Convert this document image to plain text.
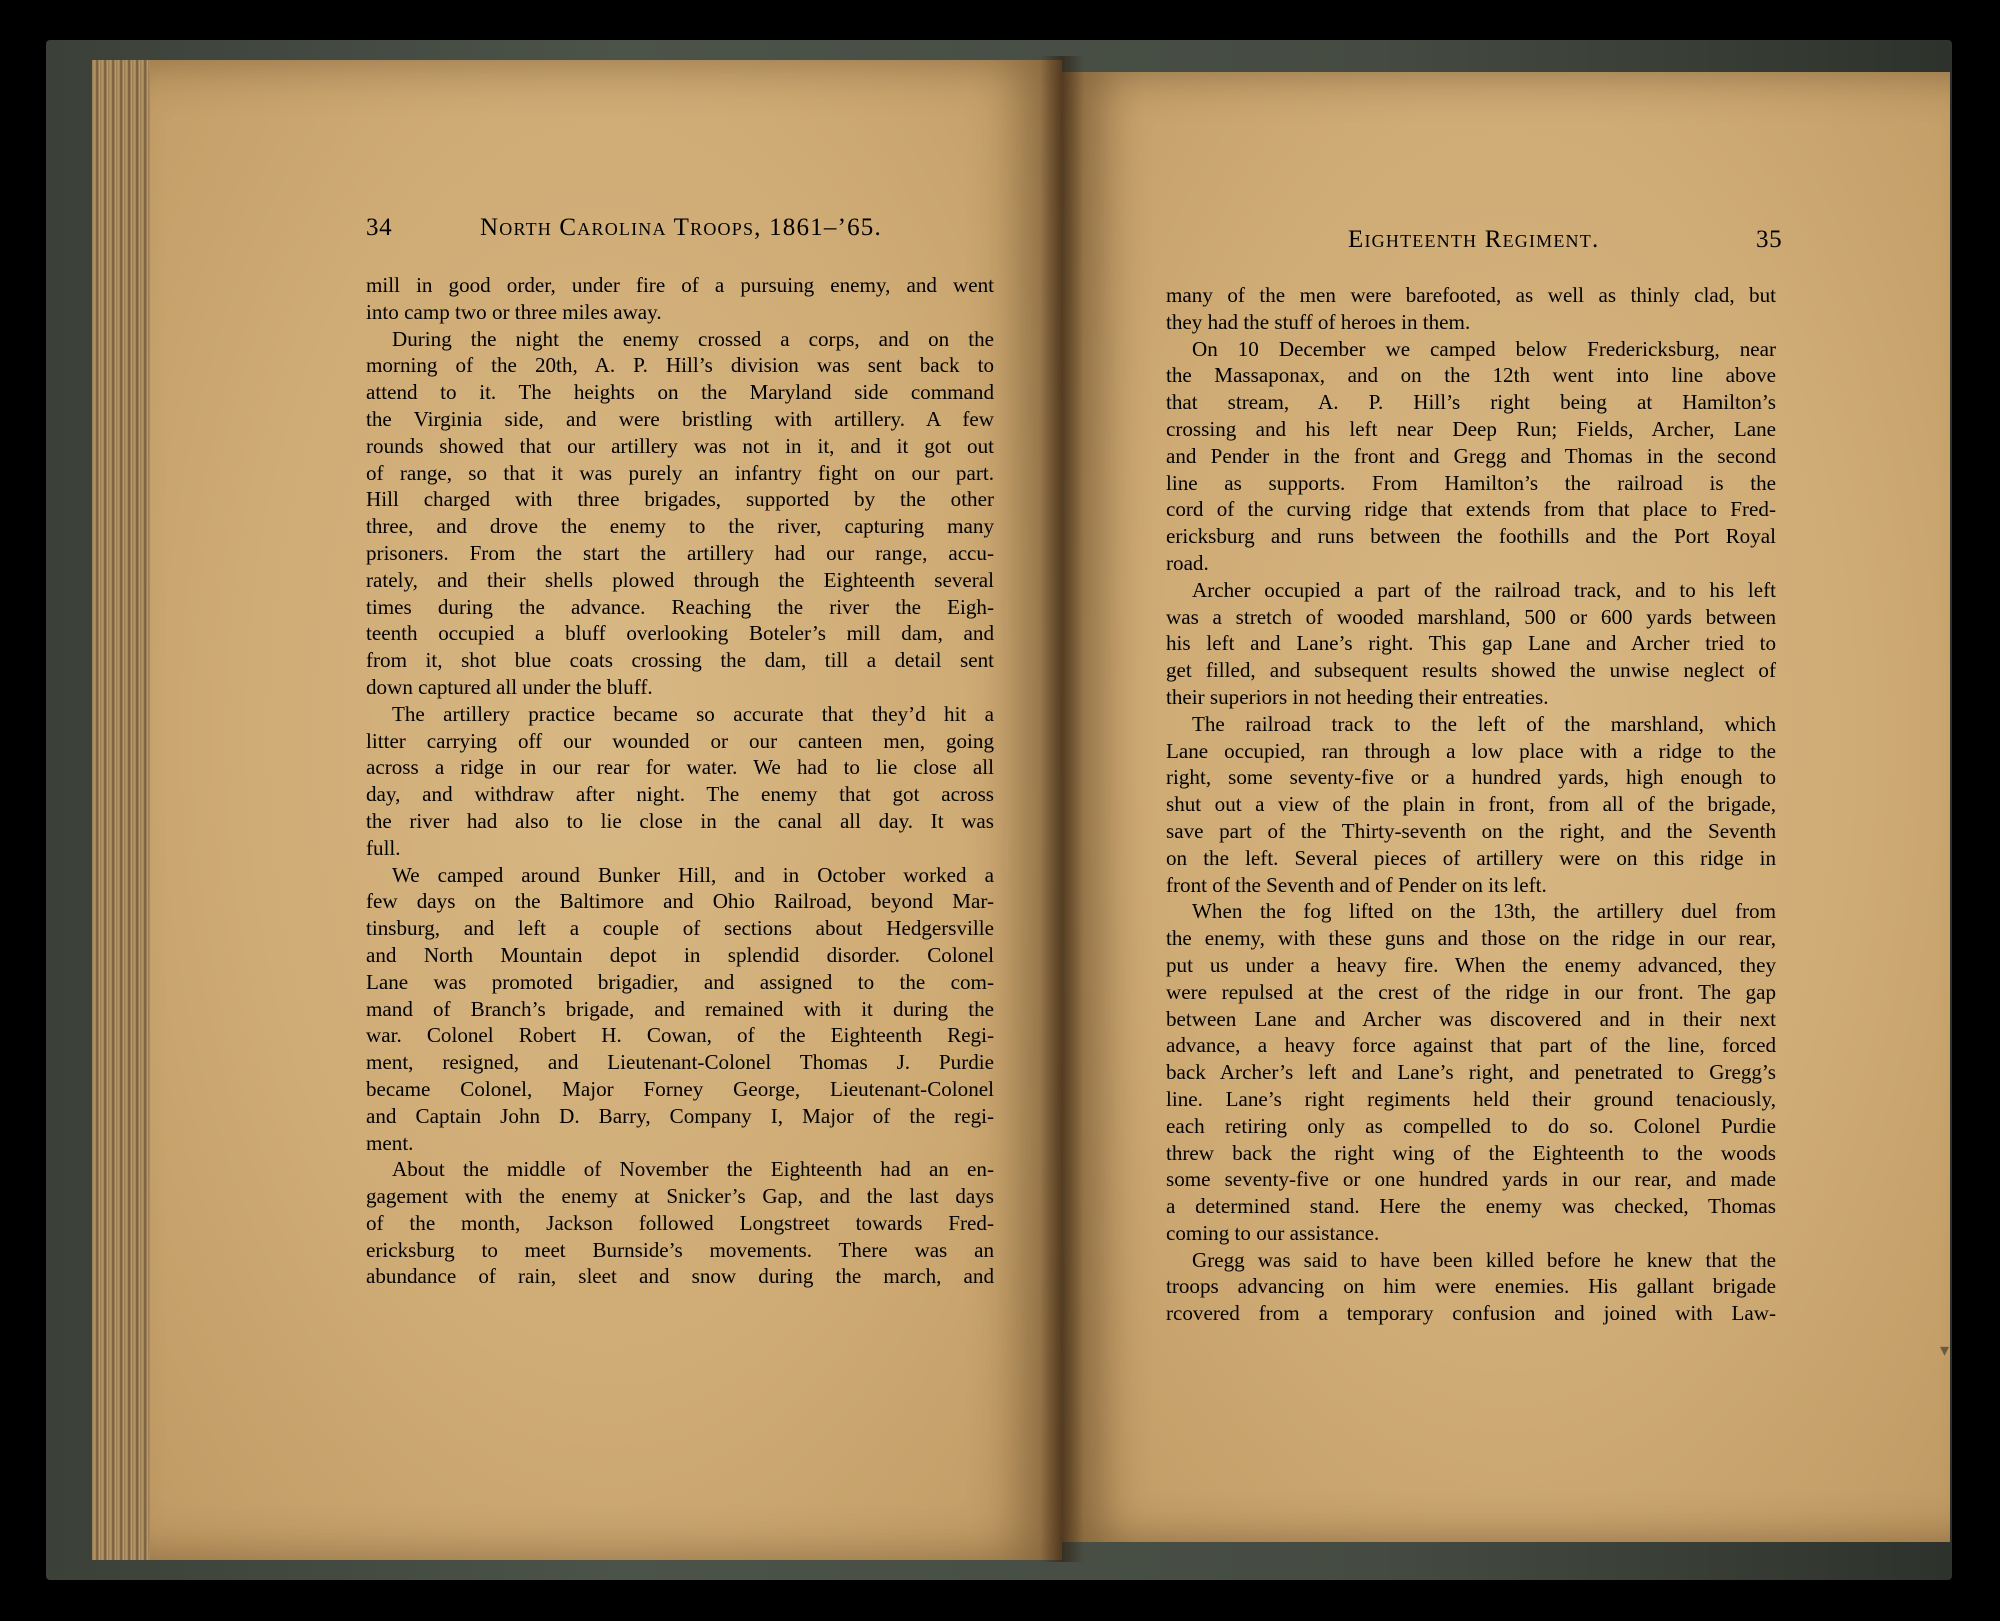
34	North Carolina Troops, 1861–’65.	Eighteenth Regiment.	35
mill in good order, under fire of a pursuing enemy, and went
into camp two or three miles away.
During the night the enemy crossed a corps, and on the
morning of the 20th, A. P. Hill’s division was sent back to
attend to it. The heights on the Maryland side command
the Virginia side, and were bristling with artillery. A few
rounds showed that our artillery was not in it, and it got out
of range, so that it was purely an infantry fight on our part.
Hill charged with three brigades, supported by the other
three, and drove the enemy to the river, capturing many
prisoners. From the start the artillery had our range, accu-
rately, and their shells plowed through the Eighteenth several
times during the advance. Reaching the river the Eigh-
teenth occupied a bluff overlooking Boteler’s mill dam, and
from it, shot blue coats crossing the dam, till a detail sent
down captured all under the bluff.
The artillery practice became so accurate that they’d hit a
litter carrying off our wounded or our canteen men, going
across a ridge in our rear for water. We had to lie close all
day, and withdraw after night. The enemy that got across
the river had also to lie close in the canal all day. It was
full.
We camped around Bunker Hill, and in October worked a
few days on the Baltimore and Ohio Railroad, beyond Mar-
tinsburg, and left a couple of sections about Hedgersville
and North Mountain depot in splendid disorder. Colonel
Lane was promoted brigadier, and assigned to the com-
mand of Branch’s brigade, and remained with it during the
war. Colonel Robert H. Cowan, of the Eighteenth Regi-
ment, resigned, and Lieutenant-Colonel Thomas J. Purdie
became Colonel, Major Forney George, Lieutenant-Colonel
and Captain John D. Barry, Company I, Major of the regi-
ment.
About the middle of November the Eighteenth had an en-
gagement with the enemy at Snicker’s Gap, and the last days
of the month, Jackson followed Longstreet towards Fred-
ericksburg to meet Burnside’s movements. There was an
abundance of rain, sleet and snow during the march, and
many of the men were barefooted, as well as thinly clad, but
they had the stuff of heroes in them.
On 10 December we camped below Fredericksburg, near
the Massaponax, and on the 12th went into line above
that stream, A. P. Hill’s right being at Hamilton’s
crossing and his left near Deep Run; Fields, Archer, Lane
and Pender in the front and Gregg and Thomas in the second
line as supports. From Hamilton’s the railroad is the
cord of the curving ridge that extends from that place to Fred-
ericksburg and runs between the foothills and the Port Royal
road.
Archer occupied a part of the railroad track, and to his left
was a stretch of wooded marshland, 500 or 600 yards between
his left and Lane’s right. This gap Lane and Archer tried to
get filled, and subsequent results showed the unwise neglect of
their superiors in not heeding their entreaties.
The railroad track to the left of the marshland, which
Lane occupied, ran through a low place with a ridge to the
right, some seventy-five or a hundred yards, high enough to
shut out a view of the plain in front, from all of the brigade,
save part of the Thirty-seventh on the right, and the Seventh
on the left. Several pieces of artillery were on this ridge in
front of the Seventh and of Pender on its left.
When the fog lifted on the 13th, the artillery duel from
the enemy, with these guns and those on the ridge in our rear,
put us under a heavy fire. When the enemy advanced, they
were repulsed at the crest of the ridge in our front. The gap
between Lane and Archer was discovered and in their next
advance, a heavy force against that part of the line, forced
back Archer’s left and Lane’s right, and penetrated to Gregg’s
line. Lane’s right regiments held their ground tenaciously,
each retiring only as compelled to do so. Colonel Purdie
threw back the right wing of the Eighteenth to the woods
some seventy-five or one hundred yards in our rear, and made
a determined stand. Here the enemy was checked, Thomas
coming to our assistance.
Gregg was said to have been killed before he knew that the
troops advancing on him were enemies. His gallant brigade
rcovered from a temporary confusion and joined with Law-
▾
